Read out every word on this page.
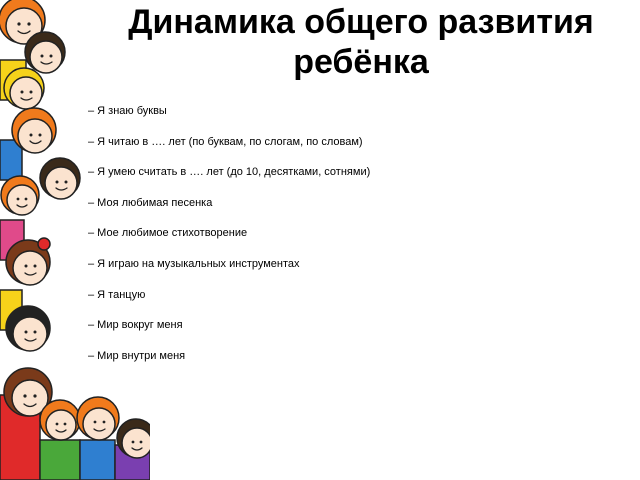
Динамика общего развития
ребёнка
– Я знаю буквы
– Я читаю в …. лет (по буквам, по слогам, по словам)
– Я умею считать в …. лет (до 10, десятками, сотнями)
– Моя любимая песенка
– Мое любимое стихотворение
– Я играю на музыкальных инструментах
– Я танцую
– Мир вокруг меня
– Мир внутри меня
